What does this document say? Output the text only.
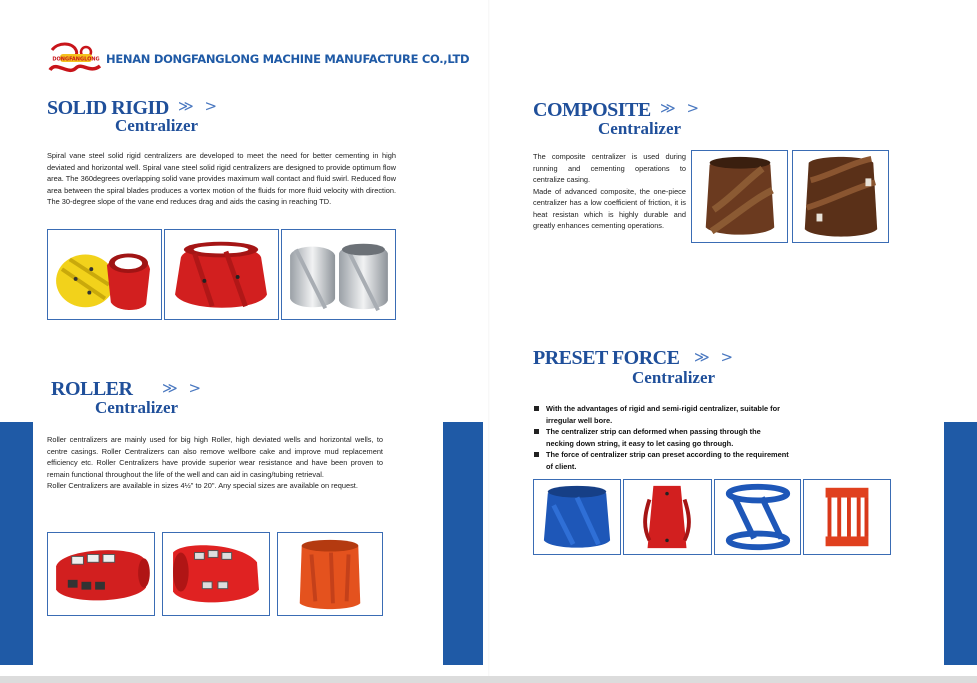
DONGFANGLONG HENAN DONGFANGLONG MACHINE MANUFACTURE CO.,LTD
SOLID RIGID ≫ >
Centralizer

Spiral vane steel solid rigid centralizers are developed to meet the need for better cementing in high deviated and horizontal well. Spiral vane steel solid rigid centralizers are designed to provide optimum flow area. The 360degrees overlapping solid vane provides maximum wall contact and fluid swirl. Reduced flow area between the spiral blades produces a vortex motion of the fluids for more fluid velocity with direction. The 30-degree slope of the vane end reduces drag and aids the casing in reaching TD.

ROLLER ≫ >
Centralizer

Roller centralizers are mainly used for big high Roller, high deviated wells and horizontal wells, to centre casings. Roller Centralizers can also remove wellbore cake and improve mud replacement efficiency etc. Roller Centralizers have provide superior wear resistance and have been proven to remain functional throughout the life of the well and can aid in casing/tubing retrieval.

Roller Centralizers are available in sizes 4½" to 20". Any special sizes are available on request.

COMPOSITE ≫ >
Centralizer

The composite centralizer is used during running and cementing operations to centralize casing.

Made of advanced composite, the one-piece centralizer has a low coefficient of friction, it is heat resistan which is highly durable and greatly enhances cementing operations.

PRESET FORCE ≫ >
Centralizer
With the advantages of rigid and semi-rigid centralizer, suitable for irregular well bore.
The centralizer strip can deformed when passing through the necking down string, it easy to let casing go through.
The force of centralizer strip can preset according to the requirement of client.
